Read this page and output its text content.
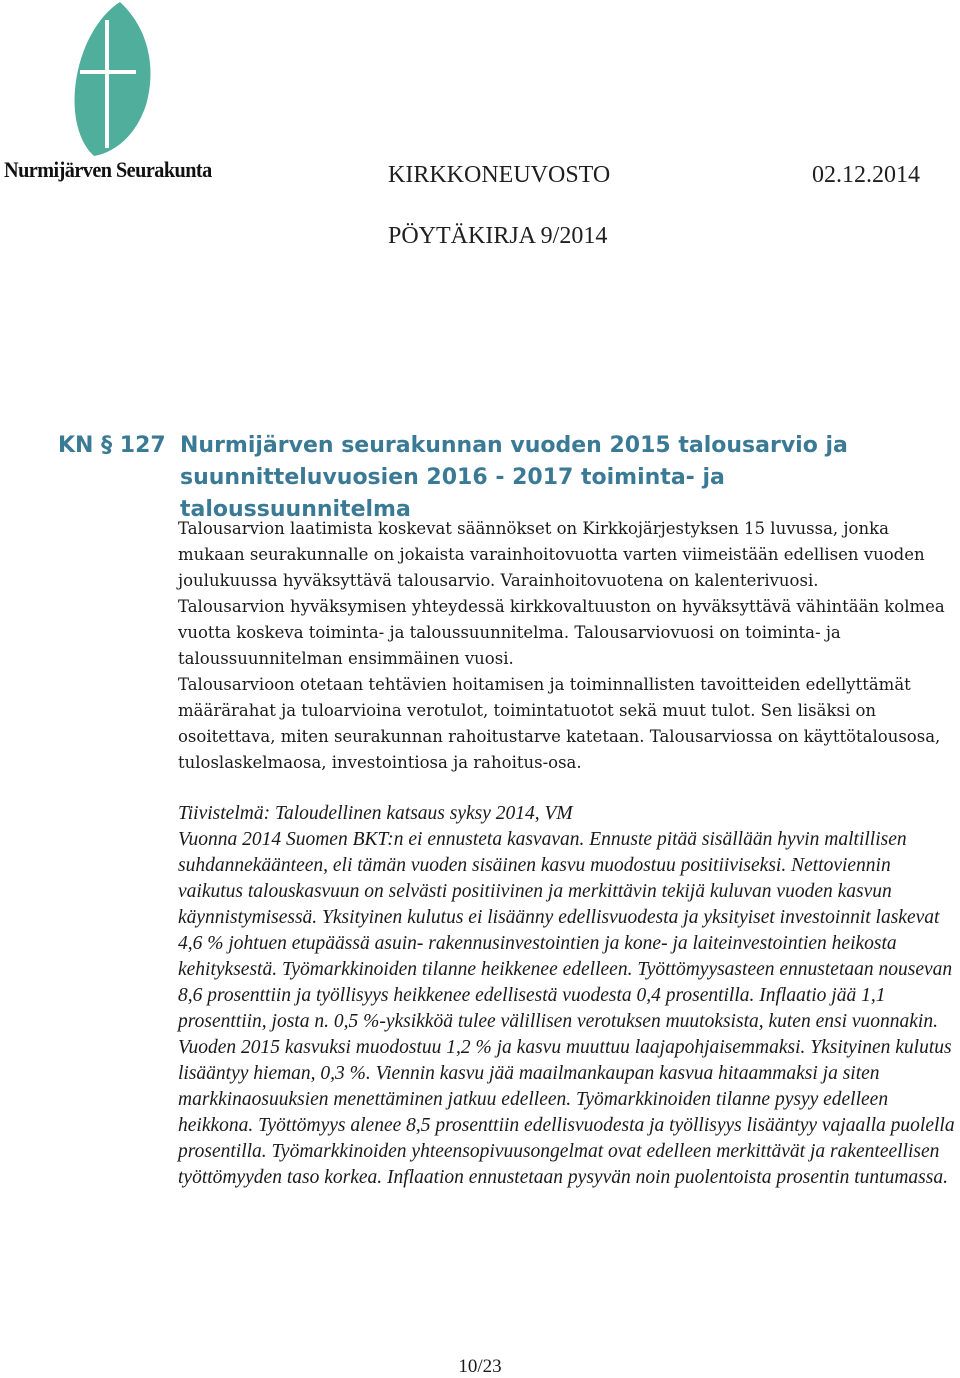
Nurmijärven Seurakunta	KIRKKONEUVOSTO	02.12.2014

PÖYTÄKIRJA 9/2014

KN § 127 Nurmijärven seurakunnan vuoden 2015 talousarvio ja suunnitteluvuosien 2016 - 2017 toiminta- ja taloussuunnitelma

Talousarvion laatimista koskevat säännökset on Kirkkojärjestyksen 15 luvussa, jonka mukaan seurakunnalle on jokaista varainhoitovuotta varten viimeistään edellisen vuoden joulukuussa hyväksyttävä talousarvio. Varainhoitovuotena on kalenterivuosi.

Talousarvion hyväksymisen yhteydessä kirkkovaltuuston on hyväksyttävä vähintään kolmea vuotta koskeva toiminta- ja taloussuunnitelma. Talousarviovuosi on toiminta- ja taloussuunnitelman ensimmäinen vuosi.

Talousarvioon otetaan tehtävien hoitamisen ja toiminnallisten tavoitteiden edellyttämät määrärahat ja tuloarvioina verotulot, toimintatuotot sekä muut tulot. Sen lisäksi on osoitettava, miten seurakunnan rahoitustarve katetaan. Talousarviossa on käyttötalousosa, tuloslaskelmaosa, investointiosa ja rahoitus-osa.

Tiivistelmä: Taloudellinen katsaus syksy 2014, VM

Vuonna 2014 Suomen BKT:n ei ennusteta kasvavan. Ennuste pitää sisällään hyvin maltillisen suhdannekäänteen, eli tämän vuoden sisäinen kasvu muodostuu positiiviseksi. Nettoviennin vaikutus talouskasvuun on selvästi positiivinen ja merkittävin tekijä kuluvan vuoden kasvun käynnistymisessä. Yksityinen kulutus ei lisäänny edellisvuodesta ja yksityiset investoinnit laskevat 4,6 % johtuen etupäässä asuin- rakennusinvestointien ja kone- ja laiteinvestointien heikosta kehityksestä. Työmarkkinoiden tilanne heikkenee edelleen. Työttömyysasteen ennustetaan nousevan 8,6 prosenttiin ja työllisyys heikkenee edellisestä vuodesta 0,4 prosentilla. Inflaatio jää 1,1 prosenttiin, josta n. 0,5 %-yksikköä tulee välillisen verotuksen muutoksista, kuten ensi vuonnakin.

Vuoden 2015 kasvuksi muodostuu 1,2 % ja kasvu muuttuu laajapohjaisemmaksi. Yksityinen kulutus lisääntyy hieman, 0,3 %. Viennin kasvu jää maailmankaupan kasvua hitaammaksi ja siten markkinaosuuksien menettäminen jatkuu edelleen. Työmarkkinoiden tilanne pysyy edelleen heikkona. Työttömyys alenee 8,5 prosenttiin edellisvuodesta ja työllisyys lisääntyy vajaalla puolella prosentilla. Työmarkkinoiden yhteensopivuusongelmat ovat edelleen merkittävät ja rakenteellisen työttömyyden taso korkea. Inflaation ennustetaan pysyvän noin puolentoista prosentin tuntumassa.

10/23
